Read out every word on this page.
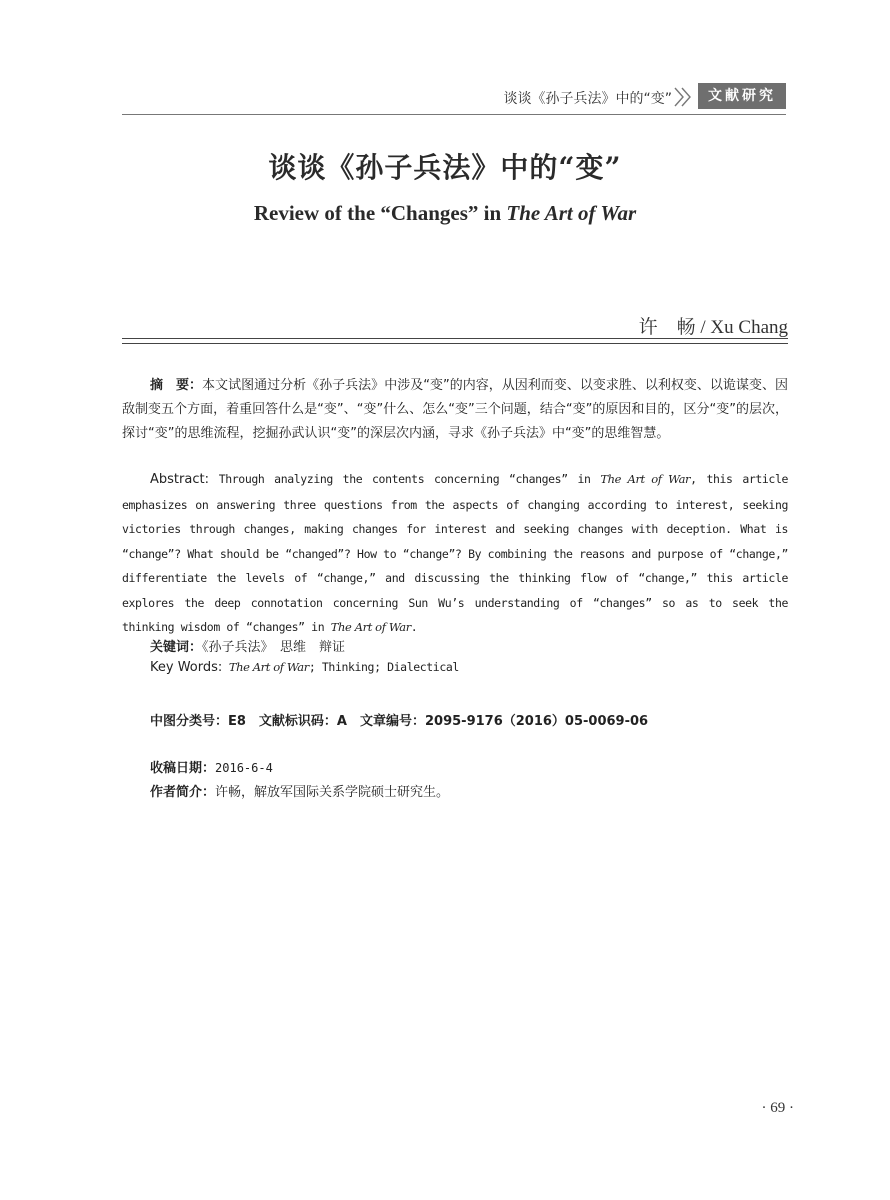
谈谈《孙子兵法》中的“变”	文献研究
谈谈《孙子兵法》中的“变”
Review of the “Changes” in The Art of War
许　畅 / Xu Chang

摘　要：本文试图通过分析《孙子兵法》中涉及“变”的内容，从因利而变、以变求胜、以利权变、以诡谋变、因敌制变五个方面，着重回答什么是“变”、“变”什么、怎么“变”三个问题，结合“变”的原因和目的，区分“变”的层次，探讨“变”的思维流程，挖掘孙武认识“变”的深层次内涵，寻求《孙子兵法》中“变”的思维智慧。

Abstract: Through analyzing the contents concerning “changes” in The Art of War, this article emphasizes on answering three questions from the aspects of changing according to interest, seeking victories through changes, making changes for interest and seeking changes with deception. What is “change”? What should be “changed”? How to “change”? By combining the reasons and purpose of “change,” differentiate the levels of “change,” and discussing the thinking flow of “change,” this article explores the deep connotation concerning Sun Wu’s understanding of “changes” so as to seek the thinking wisdom of “changes” in The Art of War.

关键词：《孙子兵法》　思维　辩证
Key Words: The Art of War; Thinking; Dialectical
中图分类号：E8　文献标识码：A　文章编号：2095-9176（2016）05-0069-06
收稿日期：2016-6-4
作者简介：许畅，解放军国际关系学院硕士研究生。
· 69 ·
